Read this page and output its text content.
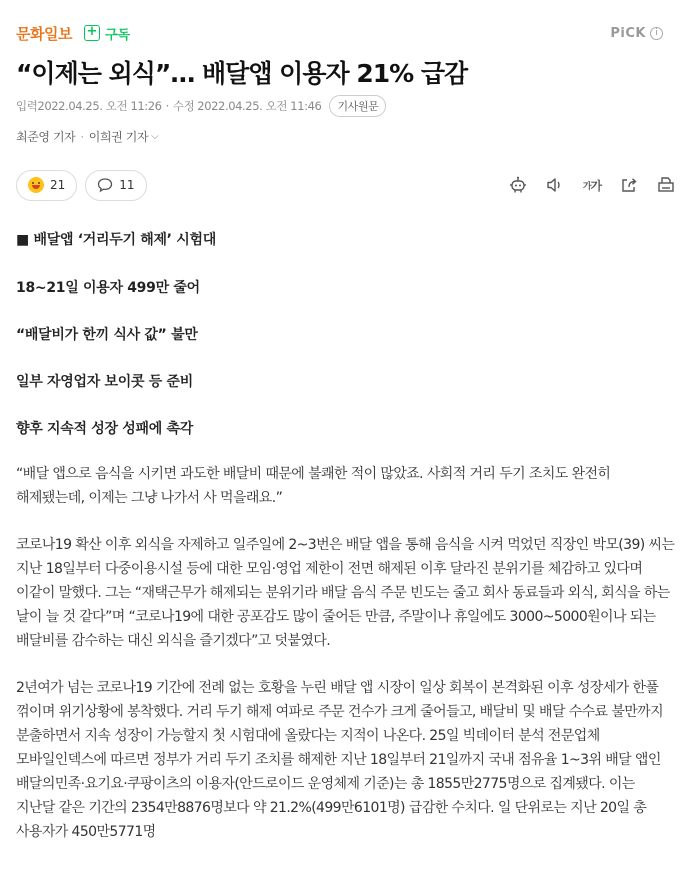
문화일보 + 구독	PiCK	i
“이제는 외식”… 배달앱 이용자 21% 급감
입력 2022.04.25. 오전 11:26 · 수정 2022.04.25. 오전 11:46	기사원문
최준영 기자 · 이희권 기자 ⌵
21	11	가 가
■ 배달앱 ‘거리두기 해제’ 시험대
18~21일 이용자 499만 줄어
“배달비가 한끼 식사 값” 불만
일부 자영업자 보이콧 등 준비
향후 지속적 성장 성패에 촉각

“배달 앱으로 음식을 시키면 과도한 배달비 때문에 불쾌한 적이 많았죠. 사회적 거리 두기 조치도 완전히 해제됐는데, 이제는 그냥 나가서 사 먹을래요.”

코로나19 확산 이후 외식을 자제하고 일주일에 2~3번은 배달 앱을 통해 음식을 시켜 먹었던 직장인 박모(39) 씨는 지난 18일부터 다중이용시설 등에 대한 모임·영업 제한이 전면 해제된 이후 달라진 분위기를 체감하고 있다며 이같이 말했다. 그는 “재택근무가 해제되는 분위기라 배달 음식 주문 빈도는 줄고 회사 동료들과 외식, 회식을 하는 날이 늘 것 같다”며 “코로나19에 대한 공포감도 많이 줄어든 만큼, 주말이나 휴일에도 3000~5000원이나 되는 배달비를 감수하는 대신 외식을 즐기겠다”고 덧붙였다.

2년여가 넘는 코로나19 기간에 전례 없는 호황을 누린 배달 앱 시장이 일상 회복이 본격화된 이후 성장세가 한풀 꺾이며 위기상황에 봉착했다. 거리 두기 해제 여파로 주문 건수가 크게 줄어들고, 배달비 및 배달 수수료 불만까지 분출하면서 지속 성장이 가능할지 첫 시험대에 올랐다는 지적이 나온다. 25일 빅데이터 분석 전문업체 모바일인덱스에 따르면 정부가 거리 두기 조치를 해제한 지난 18일부터 21일까지 국내 점유율 1~3위 배달 앱인 배달의민족·요기요·쿠팡이츠의 이용자(안드로이드 운영체제 기준)는 총 1855만2775명으로 집계됐다. 이는 지난달 같은 기간의 2354만8876명보다 약 21.2%(499만6101명) 급감한 수치다. 일 단위로는 지난 20일 총 사용자가 450만5771명
